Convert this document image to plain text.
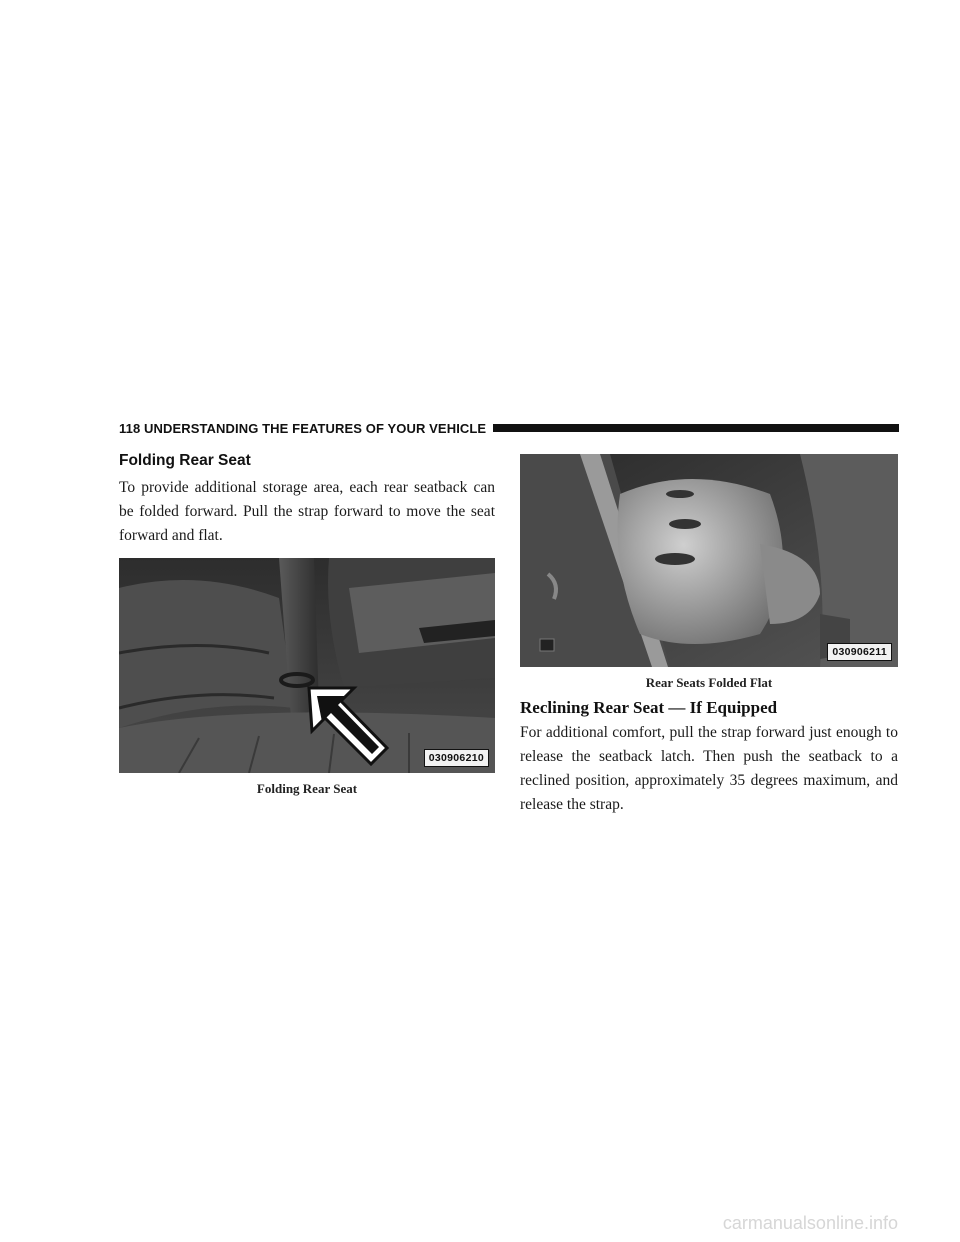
118 UNDERSTANDING THE FEATURES OF YOUR VEHICLE
Folding Rear Seat

To provide additional storage area, each rear seatback can be folded forward. Pull the strap forward to move the seat forward and flat.

030906210
Folding Rear Seat
030906211
Rear Seats Folded Flat
Reclining Rear Seat — If Equipped

For additional comfort, pull the strap forward just enough to release the seatback latch. Then push the seatback to a reclined position, approximately 35 degrees maximum, and release the strap.

carmanualsonline.info
